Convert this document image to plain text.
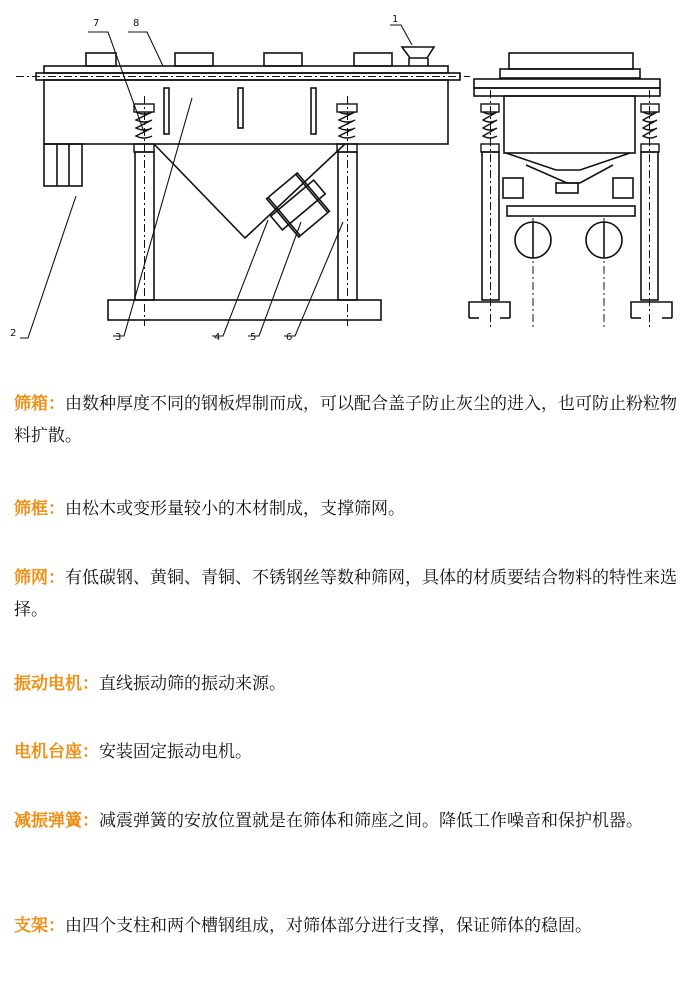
1
2	3	4	5	6
7	8

筛箱：由数种厚度不同的钢板焊制而成，可以配合盖子防止灰尘的进入，也可防止粉粒物料扩散。

筛框：由松木或变形量较小的木材制成，支撑筛网。

筛网：有低碳钢、黄铜、青铜、不锈钢丝等数种筛网，具体的材质要结合物料的特性来选择。

振动电机：直线振动筛的振动来源。

电机台座：安装固定振动电机。

减振弹簧：减震弹簧的安放位置就是在筛体和筛座之间。降低工作噪音和保护机器。

支架：由四个支柱和两个槽钢组成，对筛体部分进行支撑，保证筛体的稳固。
